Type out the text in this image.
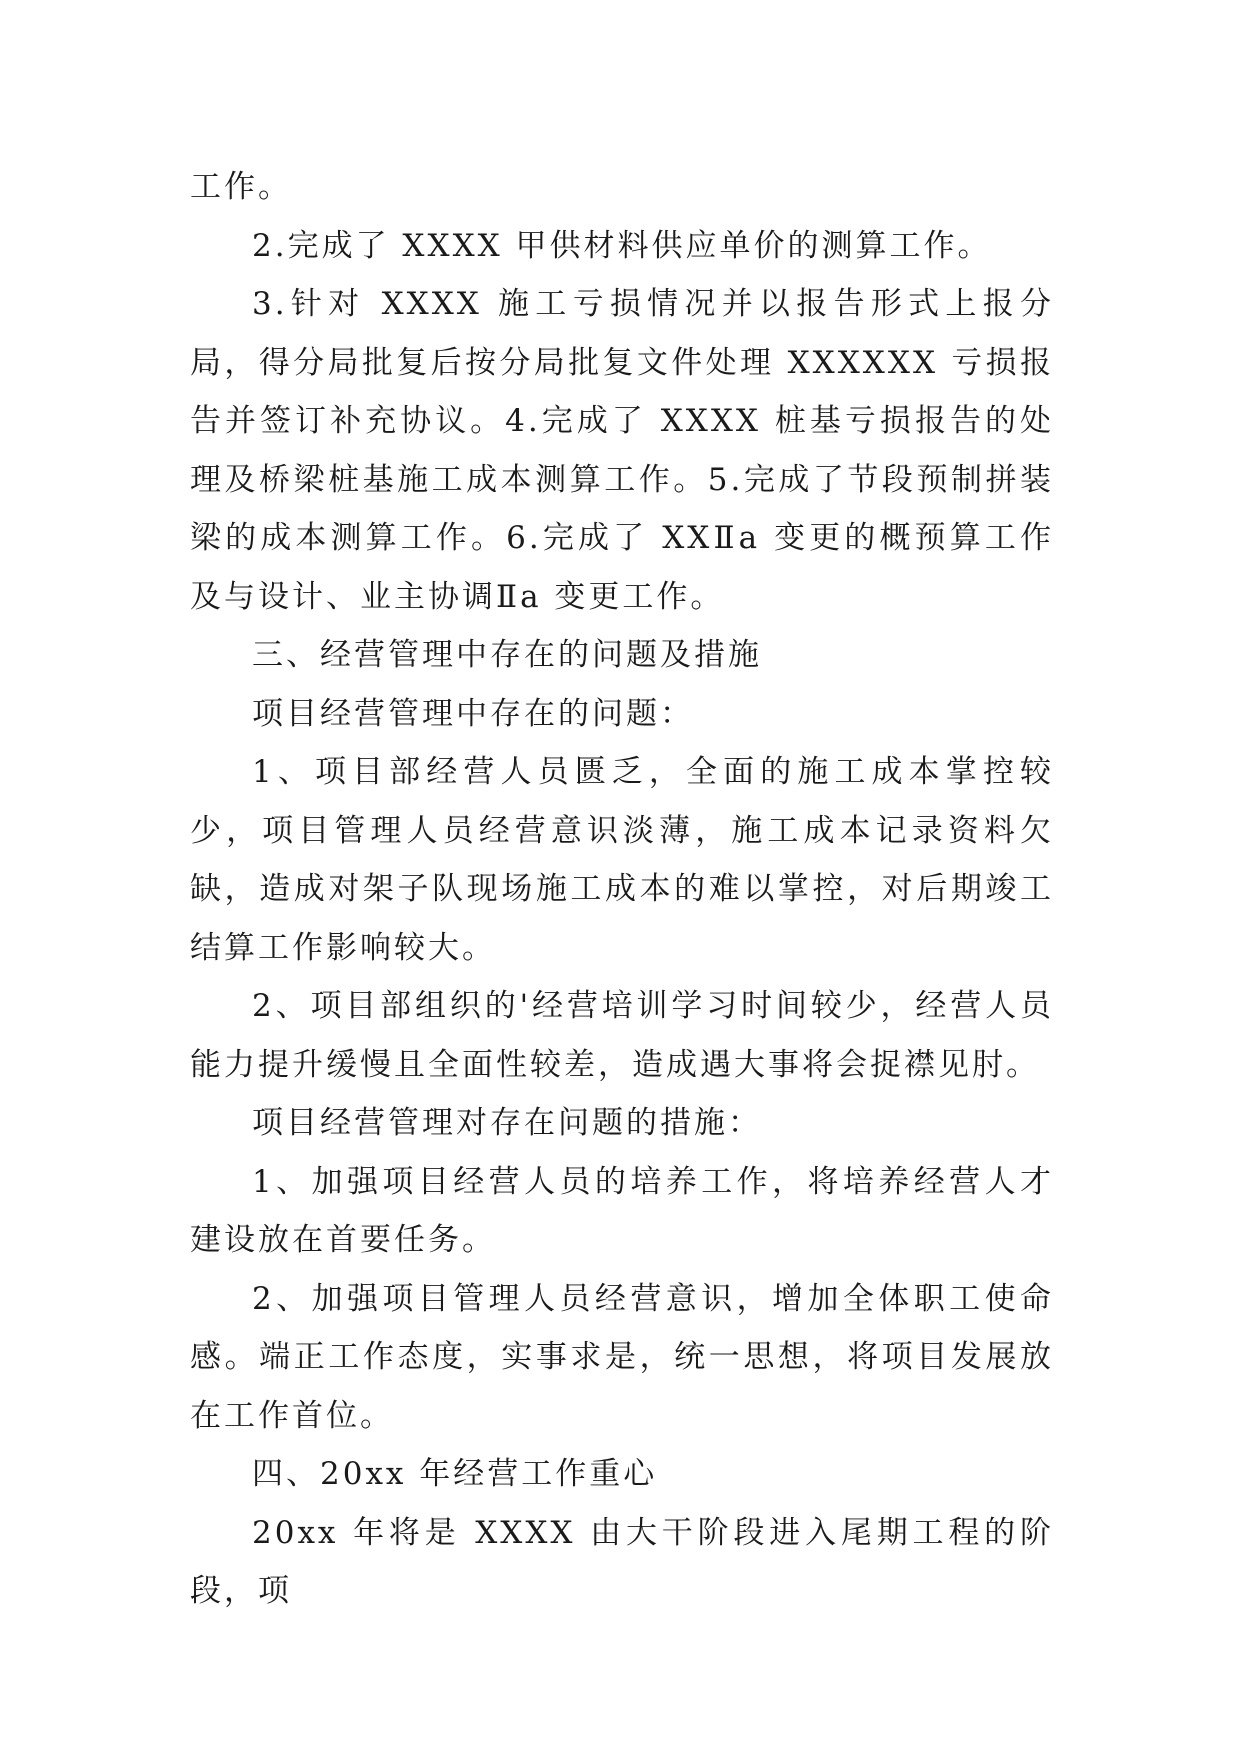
工作。

2.完成了 XXXX 甲供材料供应单价的测算工作。

3.针对 XXXX 施工亏损情况并以报告形式上报分局，得分局批复后按分局批复文件处理 XXXXXX 亏损报告并签订补充协议。4.完成了 XXXX 桩基亏损报告的处理及桥梁桩基施工成本测算工作。5.完成了节段预制拼装梁的成本测算工作。6.完成了 XXⅡa 变更的概预算工作及与设计、业主协调Ⅱa 变更工作。

三、经营管理中存在的问题及措施

项目经营管理中存在的问题：

1、项目部经营人员匮乏，全面的施工成本掌控较少，项目管理人员经营意识淡薄，施工成本记录资料欠缺，造成对架子队现场施工成本的难以掌控，对后期竣工结算工作影响较大。

2、项目部组织的'经营培训学习时间较少，经营人员能力提升缓慢且全面性较差，造成遇大事将会捉襟见肘。

项目经营管理对存在问题的措施：

1、加强项目经营人员的培养工作，将培养经营人才建设放在首要任务。

2、加强项目管理人员经营意识，增加全体职工使命感。端正工作态度，实事求是，统一思想，将项目发展放在工作首位。

四、20xx 年经营工作重心

20xx 年将是 XXXX 由大干阶段进入尾期工程的阶段，项
